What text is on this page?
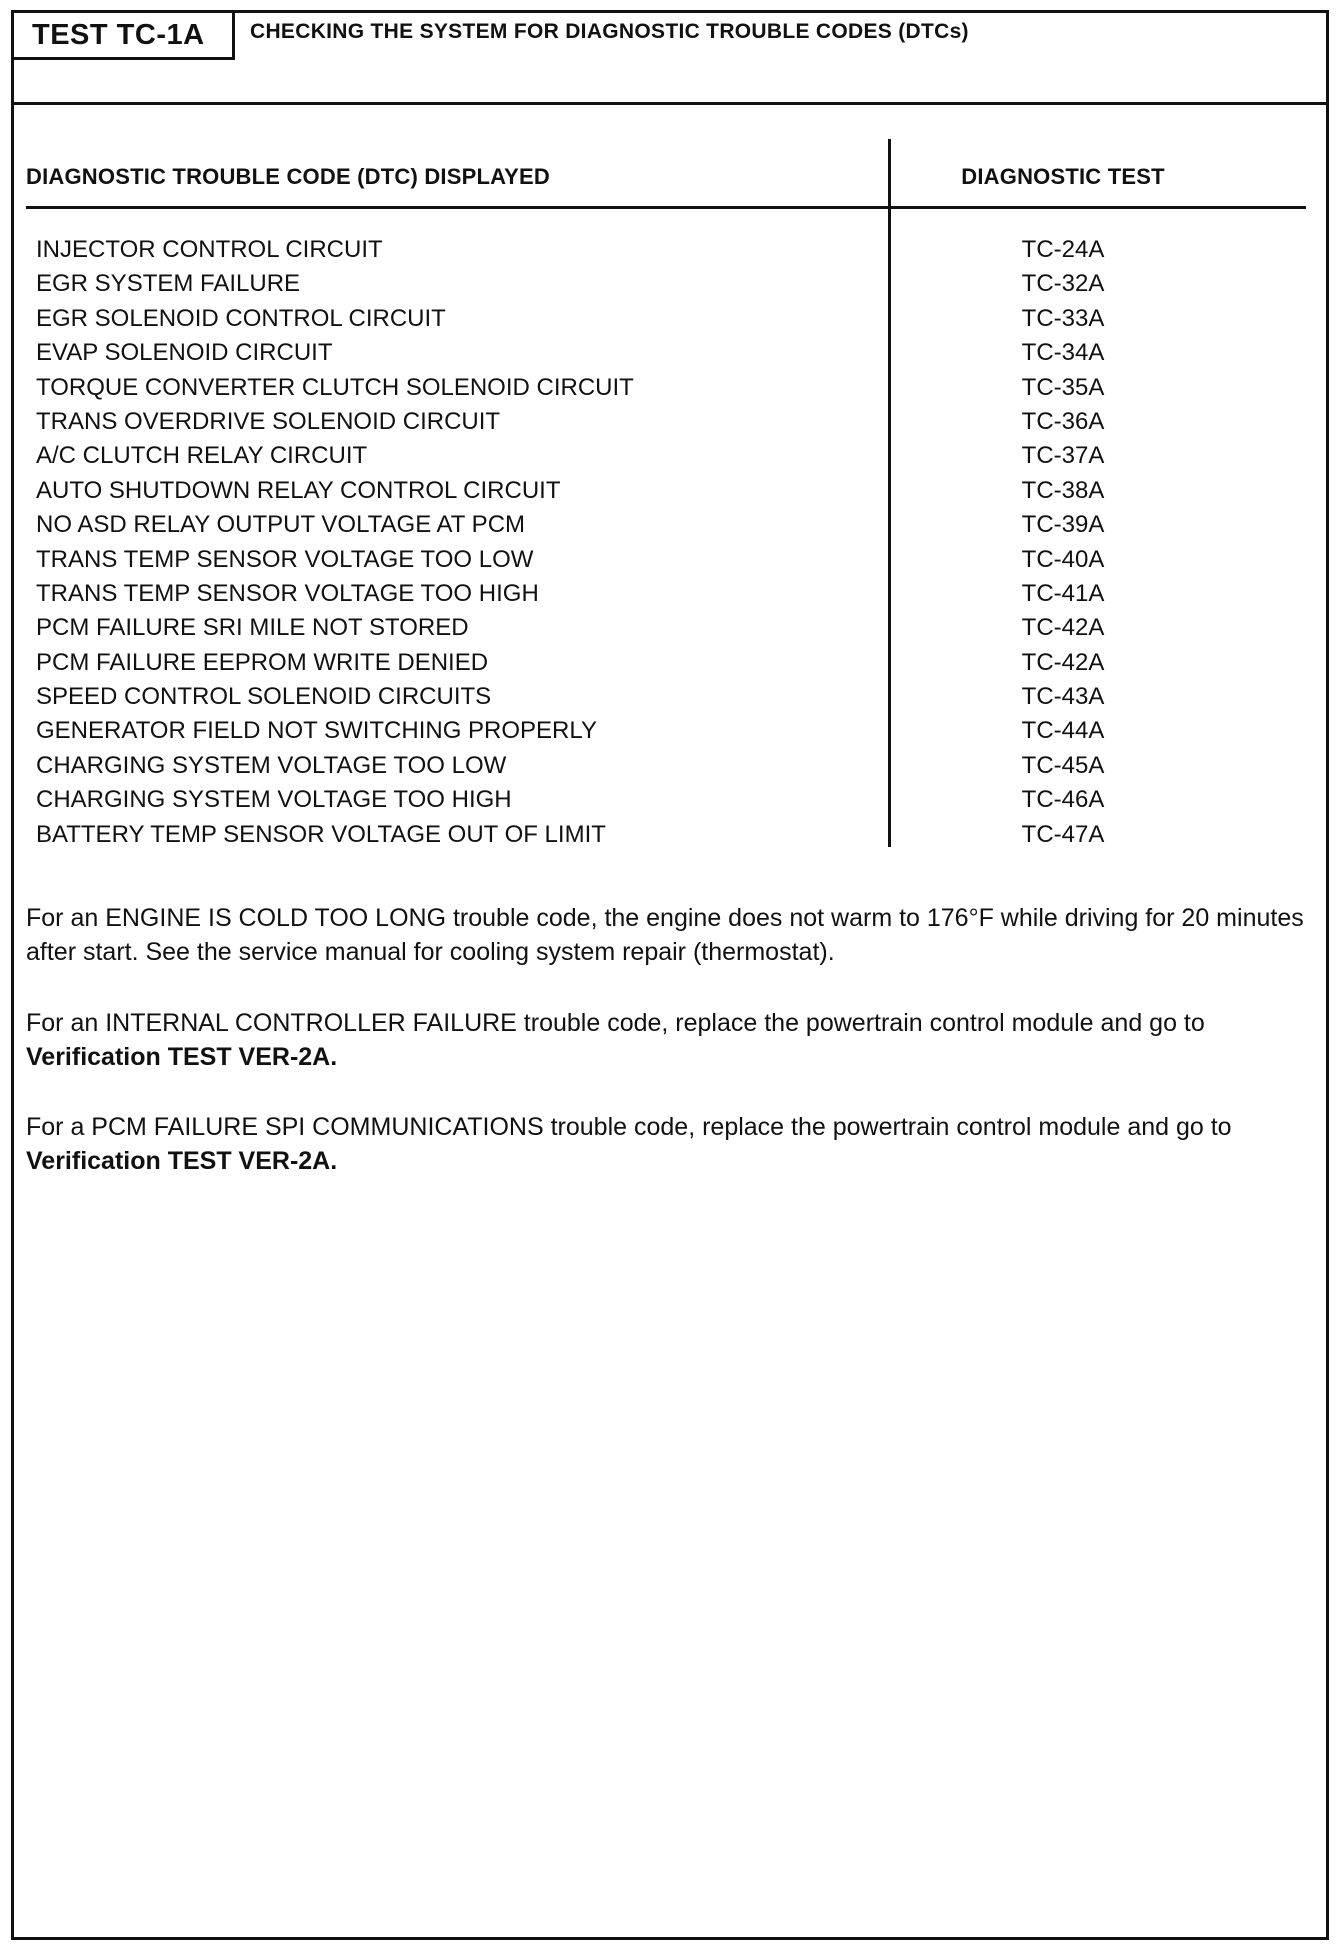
TEST TC-1A	CHECKING THE SYSTEM FOR DIAGNOSTIC TROUBLE CODES (DTCs)
DIAGNOSTIC TROUBLE CODE (DTC) DISPLAYED	DIAGNOSTIC TEST
INJECTOR CONTROL CIRCUIT	TC-24A
EGR SYSTEM FAILURE	TC-32A
EGR SOLENOID CONTROL CIRCUIT	TC-33A
EVAP SOLENOID CIRCUIT	TC-34A
TORQUE CONVERTER CLUTCH SOLENOID CIRCUIT	TC-35A
TRANS OVERDRIVE SOLENOID CIRCUIT	TC-36A
A/C CLUTCH RELAY CIRCUIT	TC-37A
AUTO SHUTDOWN RELAY CONTROL CIRCUIT	TC-38A
NO ASD RELAY OUTPUT VOLTAGE AT PCM	TC-39A
TRANS TEMP SENSOR VOLTAGE TOO LOW	TC-40A
TRANS TEMP SENSOR VOLTAGE TOO HIGH	TC-41A
PCM FAILURE SRI MILE NOT STORED	TC-42A
PCM FAILURE EEPROM WRITE DENIED	TC-42A
SPEED CONTROL SOLENOID CIRCUITS	TC-43A
GENERATOR FIELD NOT SWITCHING PROPERLY	TC-44A
CHARGING SYSTEM VOLTAGE TOO LOW	TC-45A
CHARGING SYSTEM VOLTAGE TOO HIGH	TC-46A
BATTERY TEMP SENSOR VOLTAGE OUT OF LIMIT	TC-47A
For an ENGINE IS COLD TOO LONG trouble code, the engine does not warm to 176°F while driving for 20 minutes after start. See the service manual for cooling system repair (thermostat).
For an INTERNAL CONTROLLER FAILURE trouble code, replace the powertrain control module and go to Verification TEST VER-2A.
For a PCM FAILURE SPI COMMUNICATIONS trouble code, replace the powertrain control module and go to Verification TEST VER-2A.
